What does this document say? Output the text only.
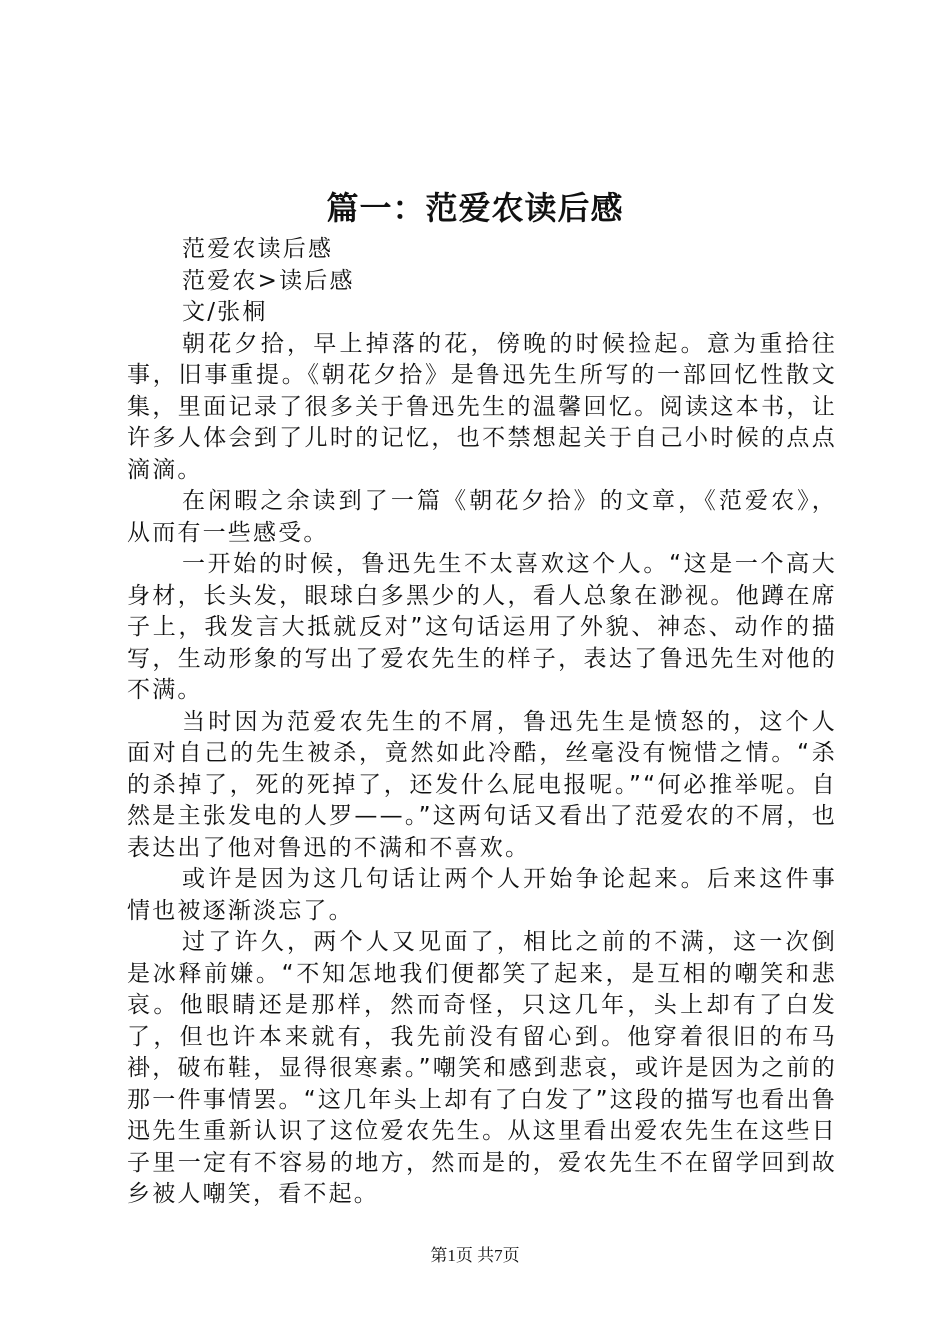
篇一：范爱农读后感

范爱农读后感

范爱农>读后感

文/张桐

朝花夕拾，早上掉落的花，傍晚的时候捡起。意为重拾往事，旧事重提。《朝花夕拾》是鲁迅先生所写的一部回忆性散文集，里面记录了很多关于鲁迅先生的温馨回忆。阅读这本书，让许多人体会到了儿时的记忆，也不禁想起关于自己小时候的点点滴滴。

在闲暇之余读到了一篇《朝花夕拾》的文章，《范爱农》，从而有一些感受。

一开始的时候，鲁迅先生不太喜欢这个人。“这是一个高大身材，长头发，眼球白多黑少的人，看人总象在渺视。他蹲在席子上，我发言大抵就反对”这句话运用了外貌、神态、动作的描写，生动形象的写出了爱农先生的样子，表达了鲁迅先生对他的不满。

当时因为范爱农先生的不屑，鲁迅先生是愤怒的，这个人面对自己的先生被杀，竟然如此冷酷，丝毫没有惋惜之情。“杀的杀掉了，死的死掉了，还发什么屁电报呢。”“何必推举呢。自然是主张发电的人罗——。”这两句话又看出了范爱农的不屑，也表达出了他对鲁迅的不满和不喜欢。

或许是因为这几句话让两个人开始争论起来。后来这件事情也被逐渐淡忘了。

过了许久，两个人又见面了，相比之前的不满，这一次倒是冰释前嫌。“不知怎地我们便都笑了起来，是互相的嘲笑和悲哀。他眼睛还是那样，然而奇怪，只这几年，头上却有了白发了，但也许本来就有，我先前没有留心到。他穿着很旧的布马褂，破布鞋，显得很寒素。”嘲笑和感到悲哀，或许是因为之前的那一件事情罢。“这几年头上却有了白发了”这段的描写也看出鲁迅先生重新认识了这位爱农先生。从这里看出爱农先生在这些日子里一定有不容易的地方，然而是的，爱农先生不在留学回到故乡被人嘲笑，看不起。

第1页 共7页
